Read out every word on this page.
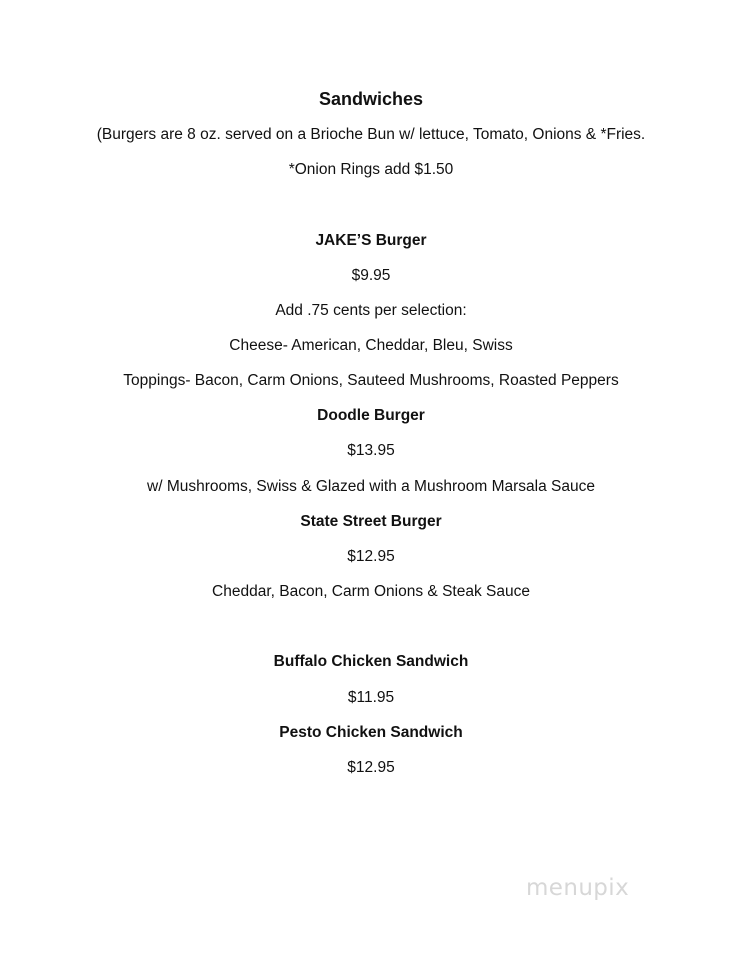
Sandwiches
(Burgers are 8 oz. served on a Brioche Bun w/ lettuce, Tomato, Onions & *Fries.
*Onion Rings add $1.50
JAKE’S Burger
$9.95
Add .75 cents per selection:
Cheese- American, Cheddar, Bleu, Swiss
Toppings- Bacon, Carm Onions, Sauteed Mushrooms, Roasted Peppers
Doodle Burger
$13.95
w/ Mushrooms, Swiss & Glazed with a Mushroom Marsala Sauce
State Street Burger
$12.95
Cheddar, Bacon, Carm Onions & Steak Sauce
Buffalo Chicken Sandwich
$11.95
Pesto Chicken Sandwich
$12.95
menupix
